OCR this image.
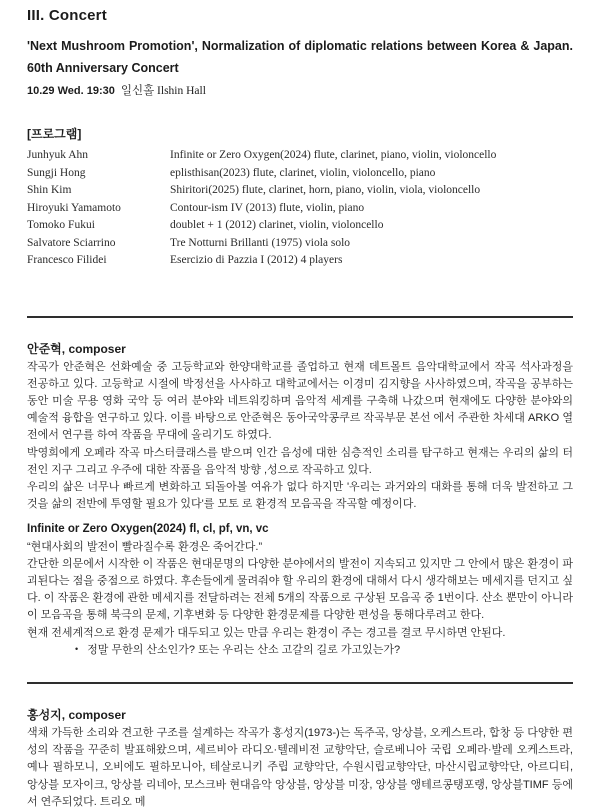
III. Concert
'Next Mushroom Promotion', Normalization of diplomatic relations between Korea & Japan. 60th Anniversary Concert
10.29 Wed. 19:30 일신홀 Ilshin Hall
[프로그램]
Junhyuk Ahn	Infinite or Zero Oxygen(2024) flute, clarinet, piano, violin, violoncello
Sungji Hong	eplisthisan(2023) flute, clarinet, violin, violoncello, piano
Shin Kim	Shiritori(2025) flute, clarinet, horn, piano, violin, viola, violoncello
Hiroyuki Yamamoto	Contour-ism IV (2013) flute, violin, piano
Tomoko Fukui	doublet + 1 (2012) clarinet, violin, violoncello
Salvatore Sciarrino	Tre Notturni Brillanti (1975) viola solo
Francesco Filidei	Esercizio di Pazzia I (2012) 4 players
안준혁, composer

작곡가 안준혁은 선화예술 중 고등학교와 한양대학교를 졸업하고 현재 데트몰트 음악대학교에서 작곡 석사과정을 전공하고 있다. 고등학교 시절에 박정선을 사사하고 대학교에서는 이경미 김지향을 사사하였으며, 작곡을 공부하는 동안 미술 무용 영화 국악 등 여러 분야와 네트워킹하며 음악적 세계를 구축해 나갔으며 현재에도 다양한 분야와의 예술적 융합을 연구하고 있다. 이를 바탕으로 안준혁은 동아국악콩쿠르 작곡부문 본선 에서 주관한 차세대 ARKO 열전에서 연구를 하여 작품을 무대에 올리기도 하였다.

박영희에게 오페라 작곡 마스터클래스를 받으며 인간 음성에 대한 심층적인 소리를 탐구하고 현재는 우리의 삶의 터전인 지구 그리고 우주에 대한 작품을 음악적 방향 ,성으로 작곡하고 있다.

우리의 삶은 너무나 빠르게 변화하고 되돌아볼 여유가 없다 하지만 '우리는 과거와의 대화를 통해 더욱 발전하고 그것을 삶의 전반에 투영할 필요가 있다'를 모토 로 환경적 모음곡을 작곡할 예정이다.

Infinite or Zero Oxygen(2024) fl, cl, pf, vn, vc

“현대사회의 발전이 빨라질수록 환경은 죽어간다.”

간단한 의문에서 시작한 이 작품은 현대문명의 다양한 분야에서의 발전이 지속되고 있지만 그 안에서 많은 환경이 파괴된다는 점을 중점으로 하였다. 후손들에게 물려줘야 할 우리의 환경에 대해서 다시 생각해보는 메세지를 던지고 싶다. 이 작품은 환경에 관한 메세지를 전달하려는 전체 5개의 작품으로 구상된 모음곡 중 1번이다. 산소 뿐만이 아니라 이 모음곡을 통해 북극의 문제, 기후변화 등 다양한 환경문제를 다양한 편성을 통해다루려고 한다.

현재 전세계적으로 환경 문제가 대두되고 있는 만큼 우리는 환경이 주는 경고를 결코 무시하면 안된다.

• 정말 무한의 산소인가? 또는 우리는 산소 고갈의 길로 가고있는가?
홍성지, composer

색채 가득한 소리와 견고한 구조를 설계하는 작곡가 홍성지(1973-)는 독주곡, 앙상블, 오케스트라, 합창 등 다양한 편성의 작품을 꾸준히 발표해왔으며, 세르비아 라디오·텔레비전 교향악단, 슬로베니아 국립 오페라·발레 오케스트라, 예나 필하모니, 오비에도 필하모니아, 테살로니키 주립 교향악단, 수원시립교향악단, 마산시립교향악단, 아르디티, 앙상블 모자이크, 앙상블 리네아, 모스크바 현대음악 앙상블, 앙상블 미장, 앙상블 앵테르콩탱포랭, 앙상블TIMF 등에서 연주되었다. 트리오 메
